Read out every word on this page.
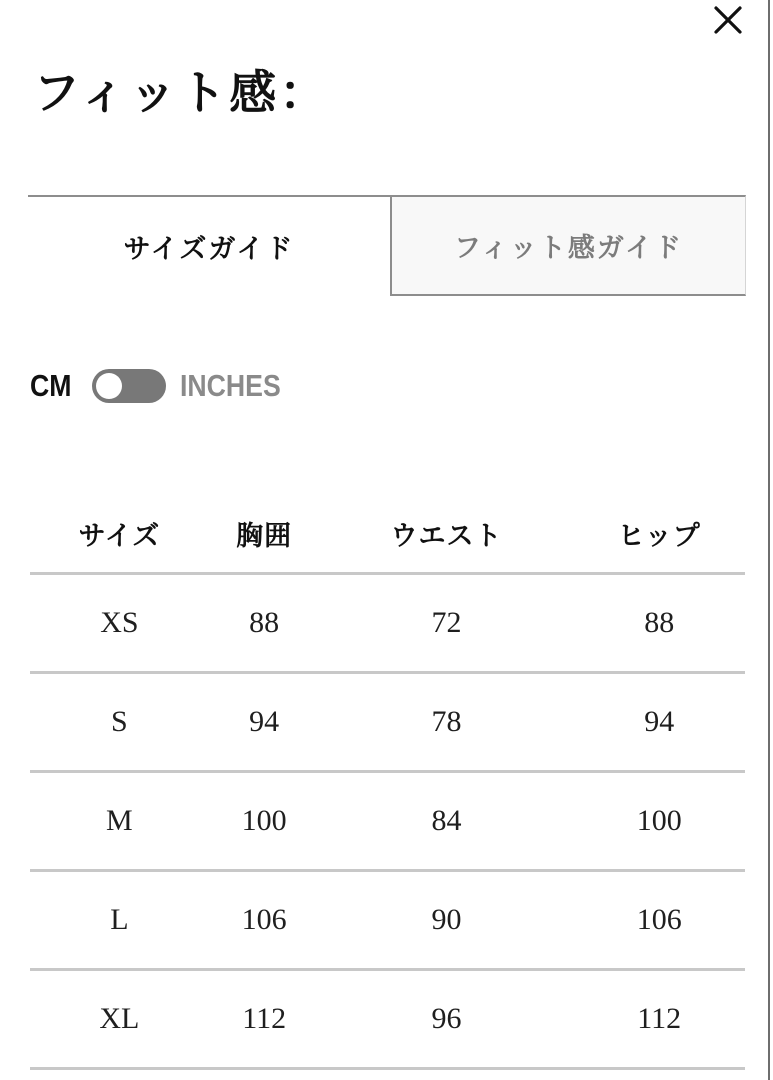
フィット感：
サイズガイド	フィット感ガイド
CM	INCHES
サイズ	胸囲	ウエスト	ヒップ
XS	88	72	88
S	94	78	94
M	100	84	100
L	106	90	106
XL	112	96	112
